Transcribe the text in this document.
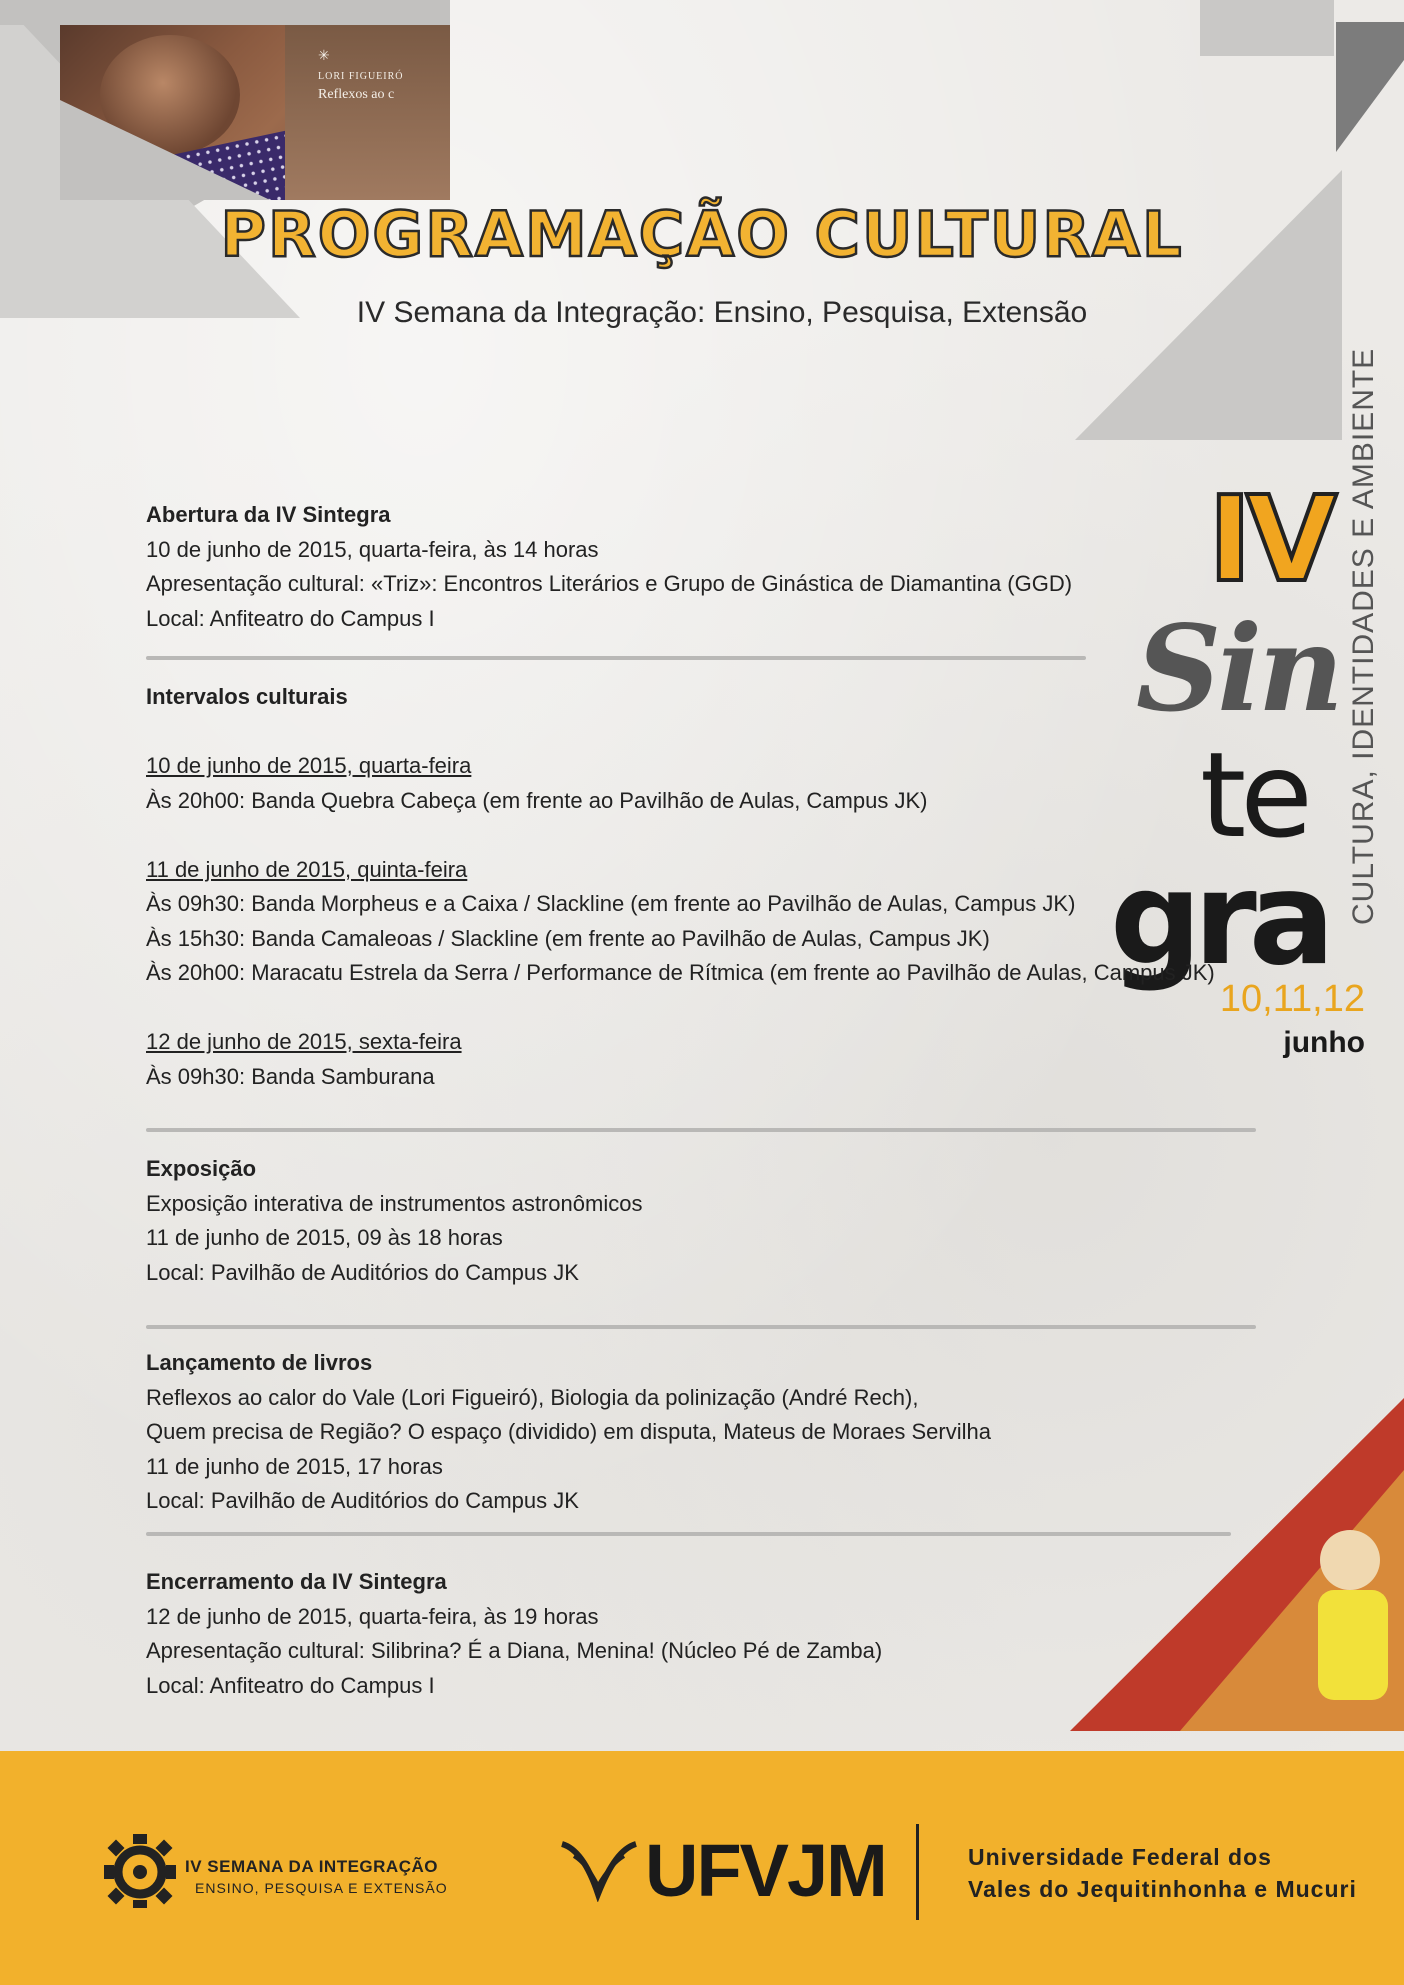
✳
LORI FIGUEIRÓ
Reflexos ao c
PROGRAMAÇÃO CULTURAL
IV Semana da Integração: Ensino, Pesquisa, Extensão
IV
Sin
te
gra CULTURA, IDENTIDADES E AMBIENTE
10,11,12
junho
Abertura da IV Sintegra
10 de junho de 2015, quarta-feira, às 14 horas
Apresentação cultural: «Triz»: Encontros Literários e Grupo de Ginástica de Diamantina (GGD)
Local: Anfiteatro do Campus I
Intervalos culturais
10 de junho de 2015, quarta-feira
Às 20h00: Banda Quebra Cabeça (em frente ao Pavilhão de Aulas, Campus JK)
11 de junho de 2015, quinta-feira
Às 09h30: Banda Morpheus e a Caixa / Slackline (em frente ao Pavilhão de Aulas, Campus JK)
Às 15h30: Banda Camaleoas / Slackline (em frente ao Pavilhão de Aulas, Campus JK)
Às 20h00: Maracatu Estrela da Serra / Performance de Rítmica (em frente ao Pavilhão de Aulas, Campus JK)
12 de junho de 2015, sexta-feira
Às 09h30: Banda Samburana
Exposição
Exposição interativa de instrumentos astronômicos
11 de junho de 2015, 09 às 18 horas
Local: Pavilhão de Auditórios do Campus JK
Lançamento de livros
Reflexos ao calor do Vale (Lori Figueiró), Biologia da polinização (André Rech),
Quem precisa de Região? O espaço (dividido) em disputa, Mateus de Moraes Servilha
11 de junho de 2015, 17 horas
Local: Pavilhão de Auditórios do Campus JK
Encerramento da IV Sintegra
12 de junho de 2015, quarta-feira, às 19 horas
Apresentação cultural: Silibrina? É a Diana, Menina! (Núcleo Pé de Zamba)
Local: Anfiteatro do Campus I
IV SEMANA DA INTEGRAÇÃO
ENSINO, PESQUISA E EXTENSÃO	UFVJM	Universidade Federal dos
Vales do Jequitinhonha e Mucuri
